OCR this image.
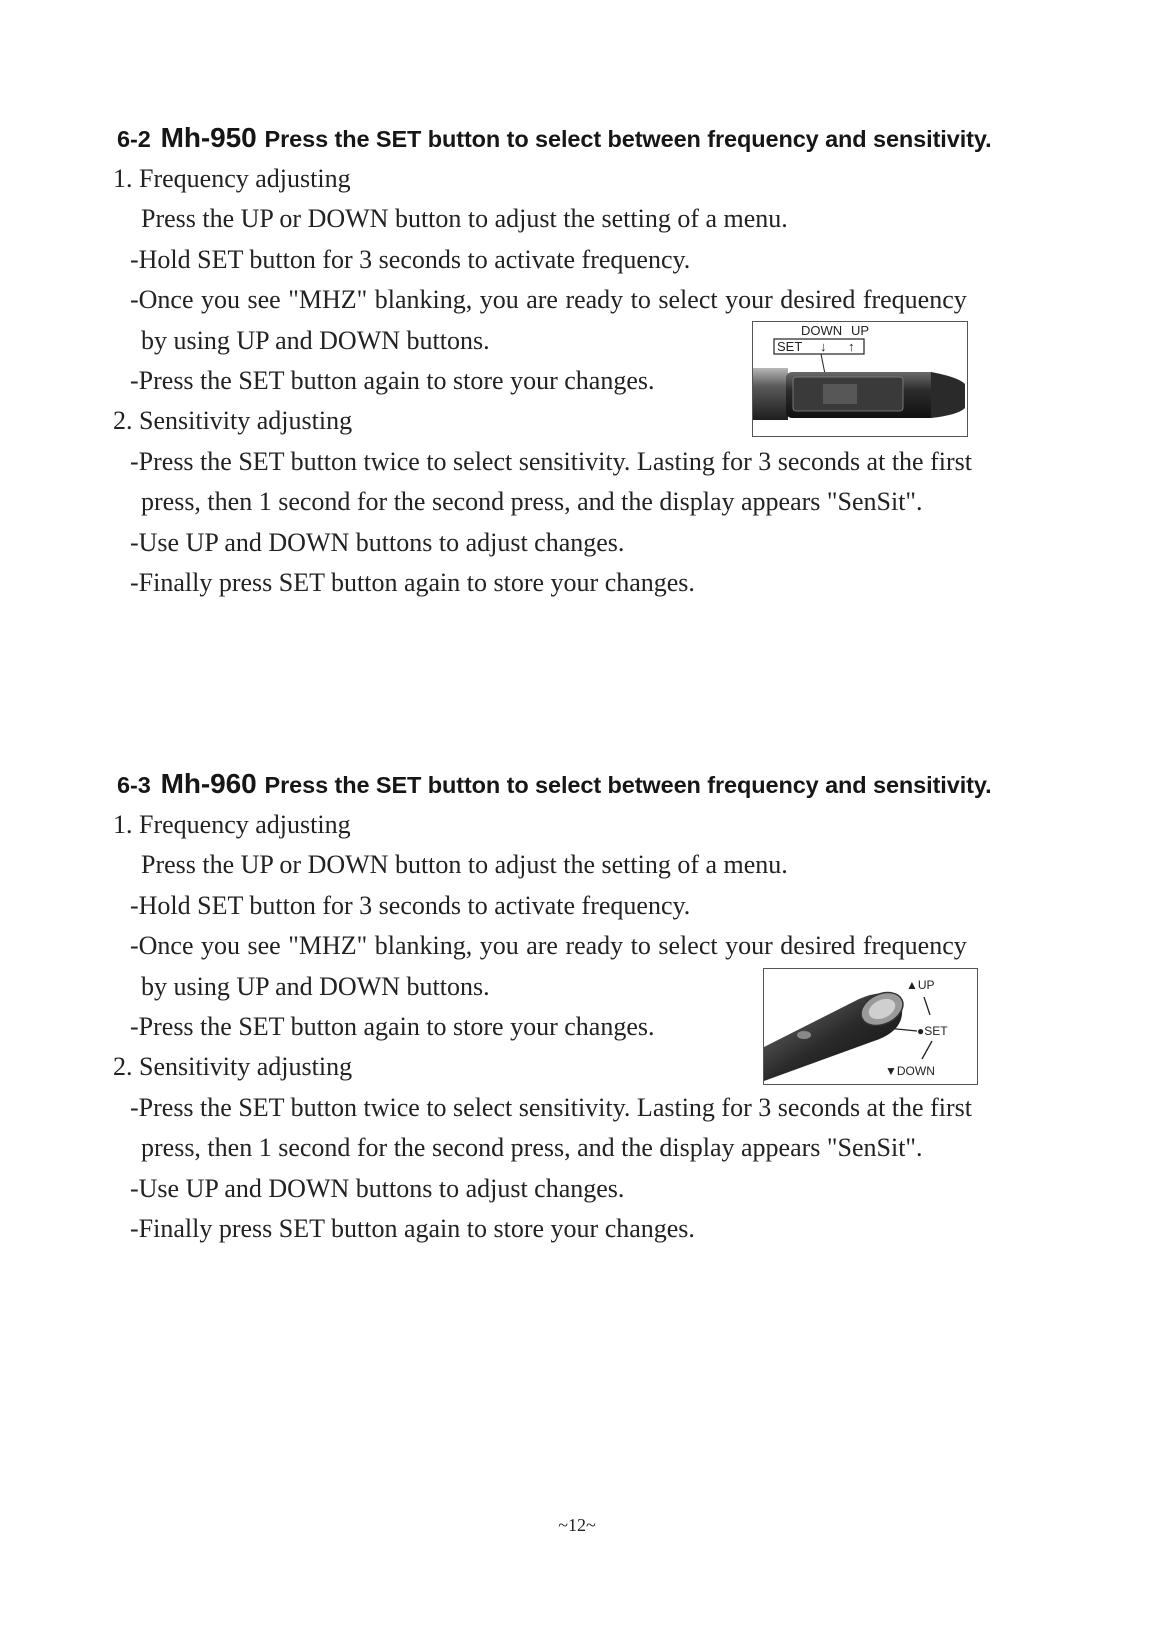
6-2 Mh-950 Press the SET button to select between frequency and sensitivity.
1. Frequency adjusting
Press the UP or DOWN button to adjust the setting of a menu.
-Hold SET button for 3 seconds to activate frequency.
-Once you see "MHZ" blanking, you are ready to select your desired frequency
by using UP and DOWN buttons.
-Press the SET button again to store your changes.
2. Sensitivity adjusting
-Press the SET button twice to select sensitivity. Lasting for 3 seconds at the first
press, then 1 second for the second press, and the display appears "SenSit".
-Use UP and DOWN buttons to adjust changes.
-Finally press SET button again to store your changes.
DOWN UP
SET ↓ ↑
6-3 Mh-960 Press the SET button to select between frequency and sensitivity.
1. Frequency adjusting
Press the UP or DOWN button to adjust the setting of a menu.
-Hold SET button for 3 seconds to activate frequency.
-Once you see "MHZ" blanking, you are ready to select your desired frequency
by using UP and DOWN buttons.
-Press the SET button again to store your changes.
2. Sensitivity adjusting
-Press the SET button twice to select sensitivity. Lasting for 3 seconds at the first
press, then 1 second for the second press, and the display appears "SenSit".
-Use UP and DOWN buttons to adjust changes.
-Finally press SET button again to store your changes.
▲UP
●SET
▼DOWN
~12~
